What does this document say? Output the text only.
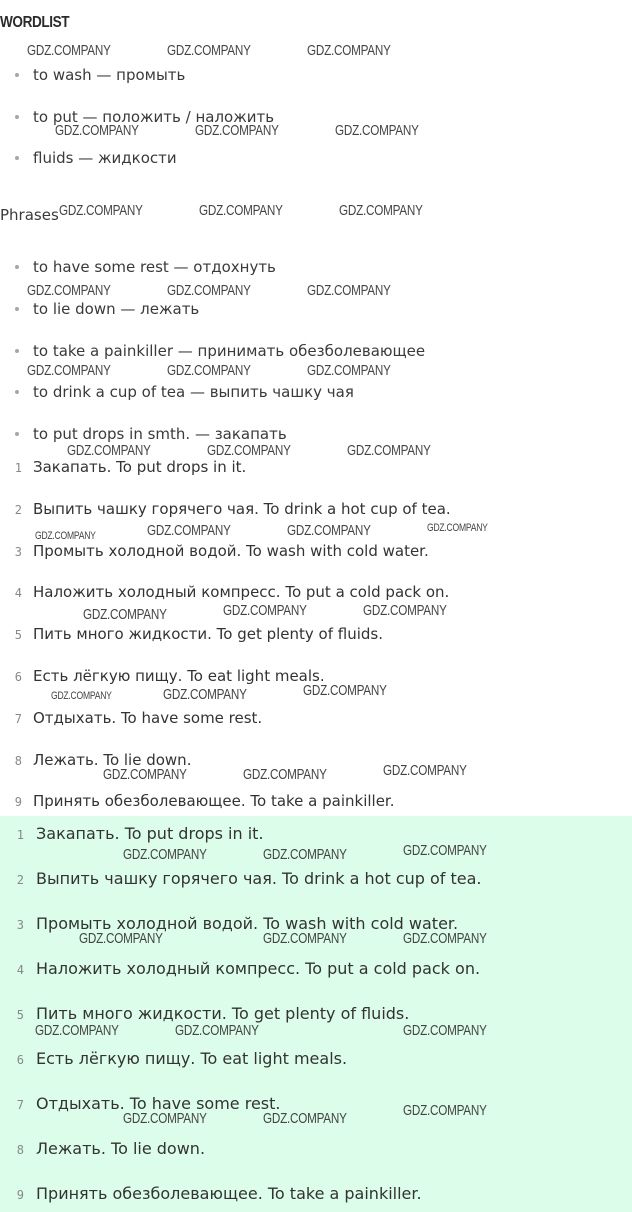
WORDLIST
to wash — промыть
to put — положить / наложить
fluids — жидкости
Phrases
to have some rest — отдохнуть
to lie down — лежать
to take a painkiller — принимать обезболевающее
to drink a cup of tea — выпить чашку чая
to put drops in smth. — закапать
1 Закапать. To put drops in it.
2 Выпить чашку горячего чая. To drink a hot cup of tea.
3 Промыть холодной водой. To wash with cold water.
4 Наложить холодный компресс. To put a cold pack on.
5 Пить много жидкости. To get plenty of fluids.
6 Есть лёгкую пищу. To eat light meals.
7 Отдыхать. To have some rest.
8 Лежать. To lie down.
9 Принять обезболевающее. To take a painkiller.
1 Закапать. To put drops in it.
2 Выпить чашку горячего чая. To drink a hot cup of tea.
3 Промыть холодной водой. To wash with cold water.
4 Наложить холодный компресс. To put a cold pack on.
5 Пить много жидкости. To get plenty of fluids.
6 Есть лёгкую пищу. To eat light meals.
7 Отдыхать. To have some rest.
8 Лежать. To lie down.
9 Принять обезболевающее. To take a painkiller.
GDZ.COMPANY	GDZ.COMPANY	GDZ.COMPANY
GDZ.COMPANY	GDZ.COMPANY	GDZ.COMPANY
GDZ.COMPANY	GDZ.COMPANY	GDZ.COMPANY
GDZ.COMPANY	GDZ.COMPANY	GDZ.COMPANY
GDZ.COMPANY	GDZ.COMPANY	GDZ.COMPANY
GDZ.COMPANY	GDZ.COMPANY	GDZ.COMPANY
GDZ.COMPANY	GDZ.COMPANY	GDZ.COMPANY	GDZ.COMPANY
GDZ.COMPANY	GDZ.COMPANY	GDZ.COMPANY
GDZ.COMPANY	GDZ.COMPANY	GDZ.COMPANY
GDZ.COMPANY	GDZ.COMPANY	GDZ.COMPANY
GDZ.COMPANY	GDZ.COMPANY	GDZ.COMPANY
GDZ.COMPANY	GDZ.COMPANY	GDZ.COMPANY
GDZ.COMPANY	GDZ.COMPANY	GDZ.COMPANY
GDZ.COMPANY	GDZ.COMPANY	GDZ.COMPANY
